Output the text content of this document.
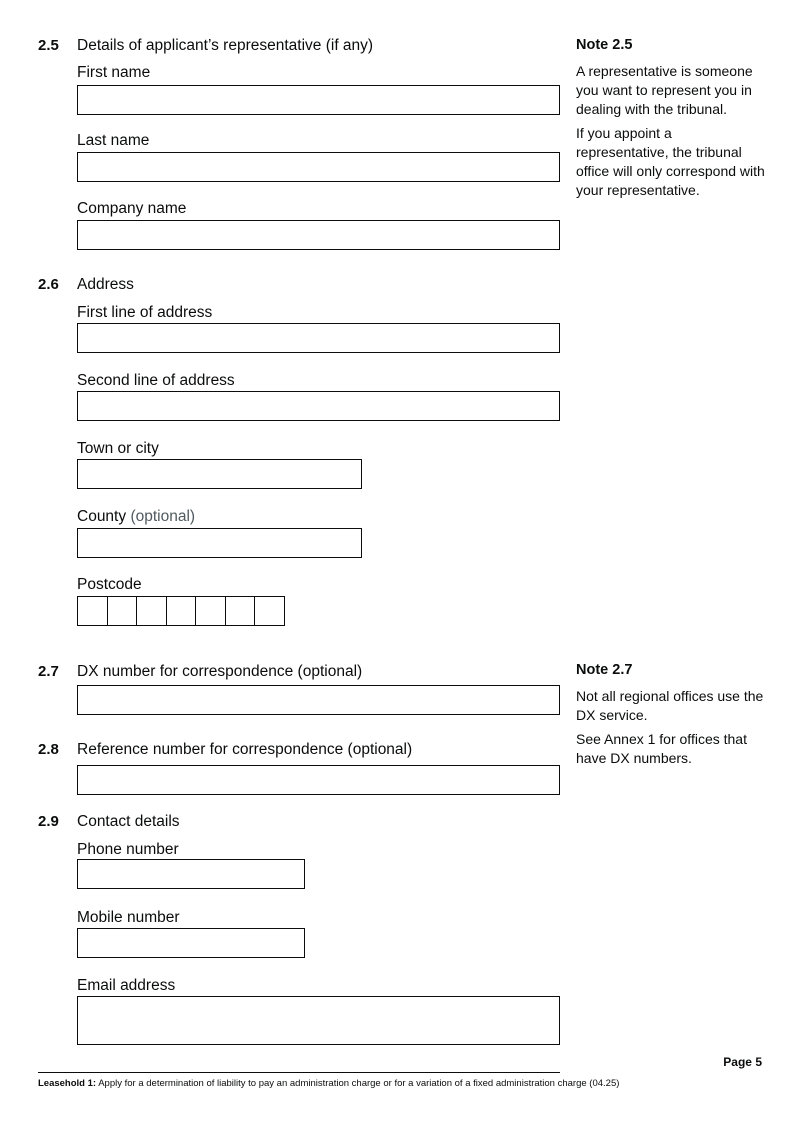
2.5 Details of applicant’s representative (if any)
First name
Last name
Company name
Note 2.5

A representative is someone you want to represent you in dealing with the tribunal.

If you appoint a representative, the tribunal office will only correspond with your representative.

2.6 Address
First line of address
Second line of address
Town or city
County (optional)
Postcode
2.7 DX number for correspondence (optional)	Note 2.7

Not all regional offices use the DX service.

See Annex 1 for offices that have DX numbers.

2.8 Reference number for correspondence (optional)
2.9 Contact details
Phone number
Mobile number
Email address
Page 5
Leasehold 1: Apply for a determination of liability to pay an administration charge or for a variation of a fixed administration charge (04.25)
